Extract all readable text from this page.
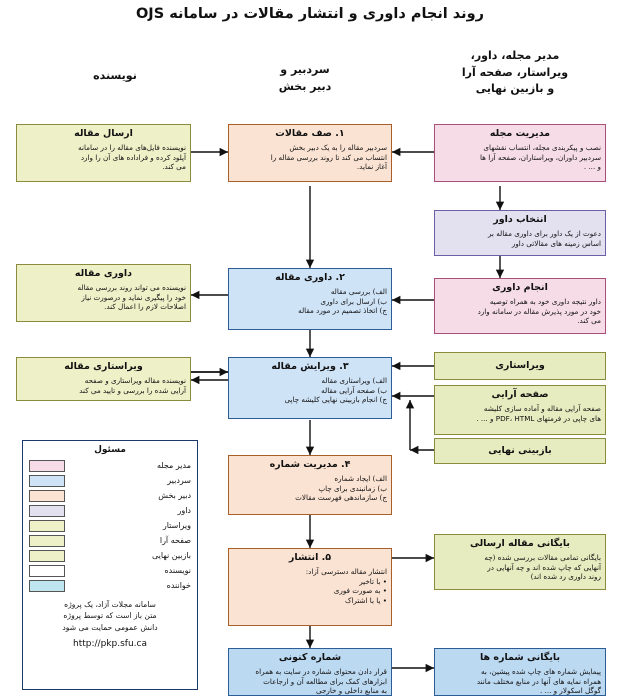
روند انجام داوری و انتشار مقالات در سامانه OJS
نویسنده	سردبیر و
دبیر بخش
مدیر مجله، داور،
ویراستار، صفحه آرا
و بازبین نهایی
ارسال مقاله
نویسنده فایل‌های مقاله را در سامانه
آپلود کرده و فراداده های آن را وارد
می کند.
۱. صف مقالات
سردبیر مقاله را به یک دبیر بخش
انتساب می کند تا روند بررسی مقاله را
آغاز نماید.
مدیریت مجله
نصب و پیکربندی مجله، انتساب نقشهای
سردبیر داوران، ویراستاران، صفحه آرا ها
و ... .
انتخاب داور
دعوت از یک داور برای داوری مقاله بر
اساس زمینه های مقالاتی داور
انجام داوری
داور نتیجه داوری خود به همراه توصیه
خود در مورد پذیرش مقاله در سامانه وارد
می کند.
۲. داوری مقاله
الف) بررسی مقاله
ب) ارسال برای داوری
ج) اتخاذ تصمیم در مورد مقاله
داوری مقاله
نویسنده می تواند روند بررسی مقاله
خود را پیگیری نماید و درصورت نیاز
اصلاحات لازم را اعمال کند.
۳. ویرایش مقاله
الف) ویراستاری مقاله
ب) صفحه آرایی مقاله
ج) انجام بازبینی نهایی کلیشه چاپی
ویراستاری مقاله
نویسنده مقاله ویراستاری و صفحه
آرایی شده را بررسی و تایید می کند
ویراستاری
صفحه آرایی
صفحه آرایی مقاله و آماده سازی کلیشه
های چاپی در فرمتهای PDF، HTML و ... .
بازبینی نهایی
۴. مدیریت شماره
الف) ایجاد شماره
ب) زمانبندی برای چاپ
ج) سازماندهی فهرست مقالات
۵. انتشار
انتشار مقاله دسترسی آزاد:
• با تاخیر
• به صورت فوری
• یا با اشتراک
بایگانی مقاله ارسالی
بایگانی تمامی مقالات بررسی شده (چه
آنهایی که چاپ شده اند و چه آنهایی در
روند داوری رد شده اند)
شماره کنونی
قرار دادن محتوای شماره در سایت به همراه
ابزارهای کمک برای مطالعه آن و ارجاعات
به منابع داخلی و خارجی
بایگانی شماره ها
پیمایش شماره های چاپ شده پیشین، به
همراه نمایه های آنها در منابع مختلف مانند
گوگل اسکولار و ... .
مسئول
مدیر مجله
سردبیر
دبیر بخش
داور
ویراستار
صفحه آرا
بازبین نهایی
نویسنده
خواننده
سامانه مجلات آزاد، یک پروژه
متن باز است که توسط پروژه
دانش عمومی حمایت می شود
http://pkp.sfu.ca
